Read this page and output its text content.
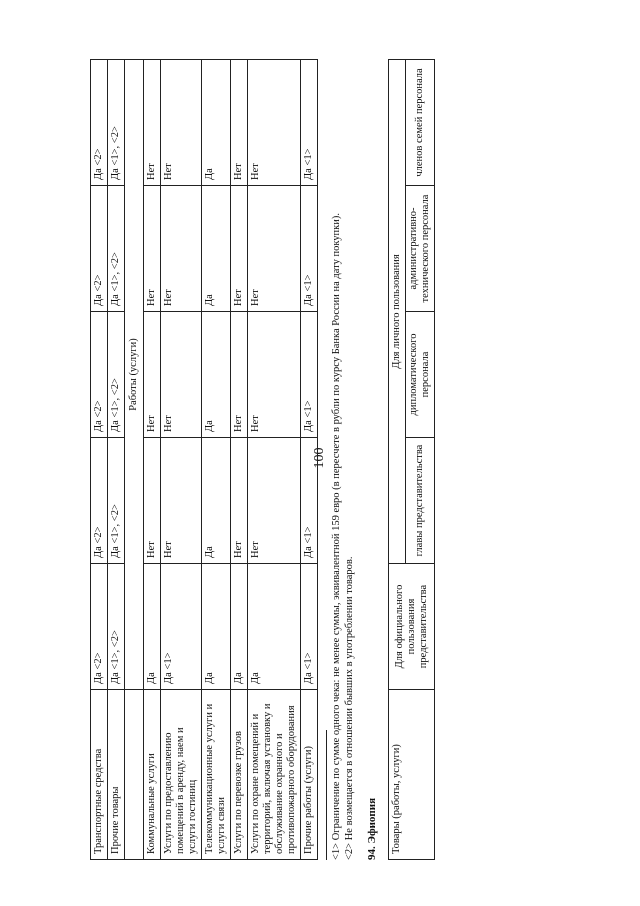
100
Транспортные средства	Да <2>	Да <2>	Да <2>	Да <2>	Да <2>
Прочие товары	Да <1>, <2>	Да <1>, <2>	Да <1>, <2>	Да <1>, <2>	Да <1>, <2>
	Работы (услуги)				
Коммунальные услуги	Да	Нет	Нет	Нет	Нет
Услуги по предоставлению помещений в аренду, наем и услуги гостиниц	Да <1>	Нет	Нет	Нет	Нет
Телекоммуникационные услуги и услуги связи	Да	Да	Да	Да	Да
Услуги по перевозке грузов	Да	Нет	Нет	Нет	Нет
Услуги по охране помещений и территорий, включая установку и обслуживание охранного и противопожарного оборудования	Да	Нет	Нет	Нет	Нет
Прочие работы (услуги)	Да <1>	Да <1>	Да <1>	Да <1>	Да <1>
<1> Ограничение по сумме одного чека: не менее суммы, эквивалентной 159 евро (в пересчете в рубли по курсу Банка России на дату покупки). <2> Не возмещается в отношении бывших в употреблении товаров. 94. Эфиопия Товары (работы, услуги)	Для официального пользования представительства	Для личного пользования			
		главы представительства	дипломатического персонала	административно-технического персонала	членов семей персонала
